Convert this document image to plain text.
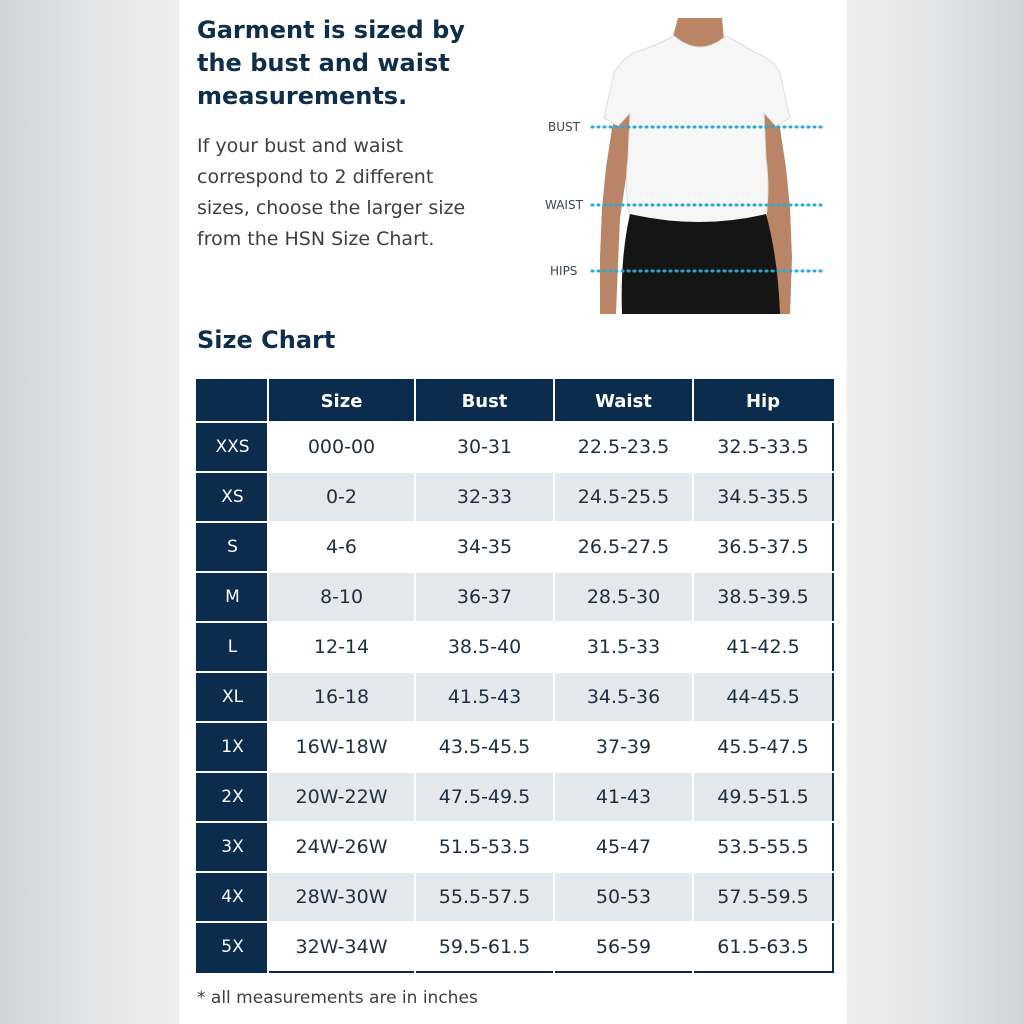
Garment is sized by
the bust and waist
measurements.

If your bust and waist
correspond to 2 different
sizes, choose the larger size
from the HSN Size Chart.

BUST
WAIST
HIPS
Size Chart
	Size	Bust	Waist	Hip
XXS	000-00	30-31	22.5-23.5	32.5-33.5
XS	0-2	32-33	24.5-25.5	34.5-35.5
S	4-6	34-35	26.5-27.5	36.5-37.5
M	8-10	36-37	28.5-30	38.5-39.5
L	12-14	38.5-40	31.5-33	41-42.5
XL	16-18	41.5-43	34.5-36	44-45.5
1X	16W-18W	43.5-45.5	37-39	45.5-47.5
2X	20W-22W	47.5-49.5	41-43	49.5-51.5
3X	24W-26W	51.5-53.5	45-47	53.5-55.5
4X	28W-30W	55.5-57.5	50-53	57.5-59.5
5X	32W-34W	59.5-61.5	56-59	61.5-63.5

* all measurements are in inches
